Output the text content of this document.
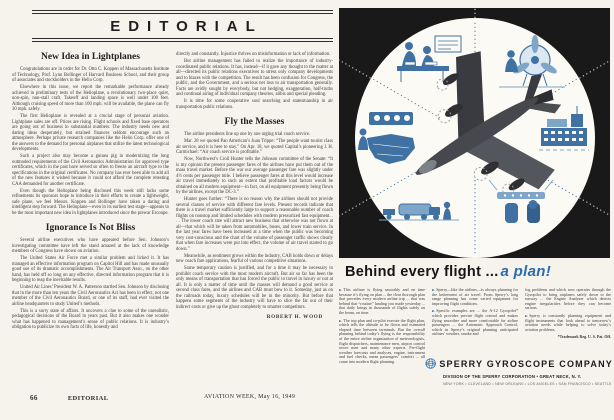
EDITORIAL
New Idea in Lightplanes

Congratulations are in order for Dr. Otto C. Koppen of Massachusetts Institute of Technology, Prof. Lynn Bollinger of Harvard Business School, and their group of associates and stockholders in the Helio Corp.

Elsewhere in this issue, we report the remarkable performance already achieved in preliminary tests of the Helioplane, a revolutionary two-place quiet, non-spin, non-stall craft. Takeoff and landing space is well under 100 feet. Although cruising speed of more than 100 mph. will be available, the plane can fly 30 mph. safely.

The first Helioplane is revealed at a crucial stage of personal aviation. Lightplane sales are off. Prices are rising. Flight schools and fixed base operators are going out of business in substantial numbers. The industry needs new and daring ideas desperately, but strained finances seldom encourage such an atmosphere. Perhaps private research companies like the Helio Corp. offer one of the answers to the demand for personal airplanes that utilize the latest technological developments.

Such a project also may become a guinea pig in modernizing the long outmoded requirements of the Civil Aeronautics Administration for approved type certificates, which in the past have served so often to freeze an aircraft type to the specifications in the original certificates. No company has ever been able to add all of the new features it wished because it could not afford the complete retesting CAA demanded for another certificate.

Even though the Helioplane being disclosed this week still lacks some refinements its sponsors hope to introduce in their efforts to create a lightweight, safe plane, we feel Messrs. Koppen and Bollinger have taken a daring and intelligent step forward. The Helioplane—even in its earliest test stage—appears to be the most important new idea in lightplanes introduced since the prewar Ercoupe.

Ignorance Is Not Bliss

Several airline executives who have appeared before Sen. Johnson’s investigating committee have left the stand amazed at the lack of knowledge members of Congress have shown on aviation.

The United States Air Force met a similar problem and licked it. It has managed an effective information program on Capitol Hill and has made unusually good use of its dramatic accomplishments. The Air Transport Assn., on the other hand, has held off so long on any effective, directed information program that it is beginning to reap the inevitable results.

United Air Lines’ President W. A. Patterson startled Sen. Johnson by disclosing that in the more than ten years the Civil Aeronautics Act has been in effect, not one member of the Civil Aeronautics Board, or one of its staff, had ever visited the airline headquarters to study United’s methods.

This is a sorry state of affairs. It uncovers a clue to some of the unrealistic, pedagogical decisions of the Board in years past. But it also makes one wonder what has happened to management’s sense of public relations. It is industry’s obligation to publicize its own facts of life, honestly and

directly and constantly. Injustice thrives on misinformation or lack of information.

But airline management has failed to realize the importance of industry-coordinated public relations. It has, instead—if it gave any thought to the matter at all—directed its public relations executives to stress only company developments and to blazes with the competition. The result has been confusion for Congress, the public, and the Government, and a serious net loss to air transportation generally. Facts are avidly sought by everybody, but not hedging, exaggeration, half-truths and continual airing of individual company theories, alibis and special pleading.

It is time for some cooperative soul searching and statesmanship in air transportation public relations.

Fly the Masses

The airline presidents line up one by one urging trial coach service.

Mar. 28 we quoted Pan American’s Juan Trippe: “The people want tourist class air service, and it is here to stay.” On Apr. 18, we quoted Capital’s pioneering J. H. Carmichael: “Air coach service is profitable.”

Now, Northwest’s Croil Hunter tells the Johnson committee of the Senate: “It is my opinion the present passenger fares of the airlines have put them out of the mass travel market. Before the war our average passenger fare was slightly under 4½ cents per passenger mile. I believe passenger fares at this level would increase air travel immediately to such an extent that profitable load factors would be obtained on all modern equipment—in fact, on all equipment presently being flown by the airlines, except the DC-3.”

Hunter goes further: “There is no reason why the airlines should not provide several classes of service with different fare levels. Present records indicate that there is a travel market sufficiently large to support a reasonable number of coach flights on nonstop and limited schedules with modern pressurized fast equipment. . . . The lower coach rate will attract new business that otherwise was not flown at all—that which will be taken from automobiles, buses, and lower train service. In the last year fares have been increased at a time when the public was becoming very cost-conscious and the chart of the volume of passenger traffic shows clearly that when fare increases were put into effect, the volume of air travel started to go down.”

Meanwhile, as sentiment grows within the industry, CAB holds down or delays new coach fare applications, fearful of various competitive situations.

Some temporary caution is justified, and for a time it may be necessary to prohibit coach service with the most modern aircraft. But air so far has been the only means of transportation that has forced the public to travel in luxury or not at all. It is only a matter of time until the masses will demand a good service at second class fares, and the airlines and CAB must bow to it. Someday, just as on the railroads today, luxury schedules will be in the minority. But before that happens some segments of the industry will have to slice the fat out of their indirect costs or give up the ghost completely to smarter competitors.

ROBERT H. WOOD
66	EDITORIAL	AVIATION WEEK, May 16, 1949
Behind every flight ... a plan!

► This airliner is flying smoothly and on time because it’s flying on plan ... the clear thorough plan that precedes every modern airline trip ... that was behind that “routine” landing you made yesterday ... that daily brings in thousands of flights safely on the beam, on time.

► The trip plan and co-pilot execute the flight plan, which tells the altitude to be flown and estimated elapsed time between terminals. But the overall planning behind today’s flying is the responsibility of the entire airline organization of meteorologists, flight dispatchers, maintenance men, airport control tower men and many other experts. Pre-flight weather forecasts and analyses, engine, instrument and fuel checks, mean passengers’ comfort ... all come into modern flight planning.

► Sperry—like the airlines—is always planning for the betterment of air travel. From Sperry’s long range planning has come varied equipment for improving flight conditions.

► Specific examples are ... the A-12 Gyropilot* which provides precise flight control and makes flying smoother and more comfortable for airline passengers ... the Automatic Approach Control, which in Sperry’s original planning anticipated airlines’ weather, smoke and

fog problems and which now operates through the Gyropilot to bring airplanes safely down to the runway ... the Engine Analyzer which detects engine irregularities before they can become serious.

► Sperry is constantly planning equipment and flight instruments that look ahead to tomorrow’s aviation needs while helping to solve today’s aviation problems.

*Trademark Reg. U. S. Pat. Off.
SPERRY GYROSCOPE COMPANY
DIVISION OF THE SPERRY CORPORATION • GREAT NECK, N. Y.
NEW YORK • CLEVELAND • NEW ORLEANS • LOS ANGELES • SAN FRANCISCO • SEATTLE
